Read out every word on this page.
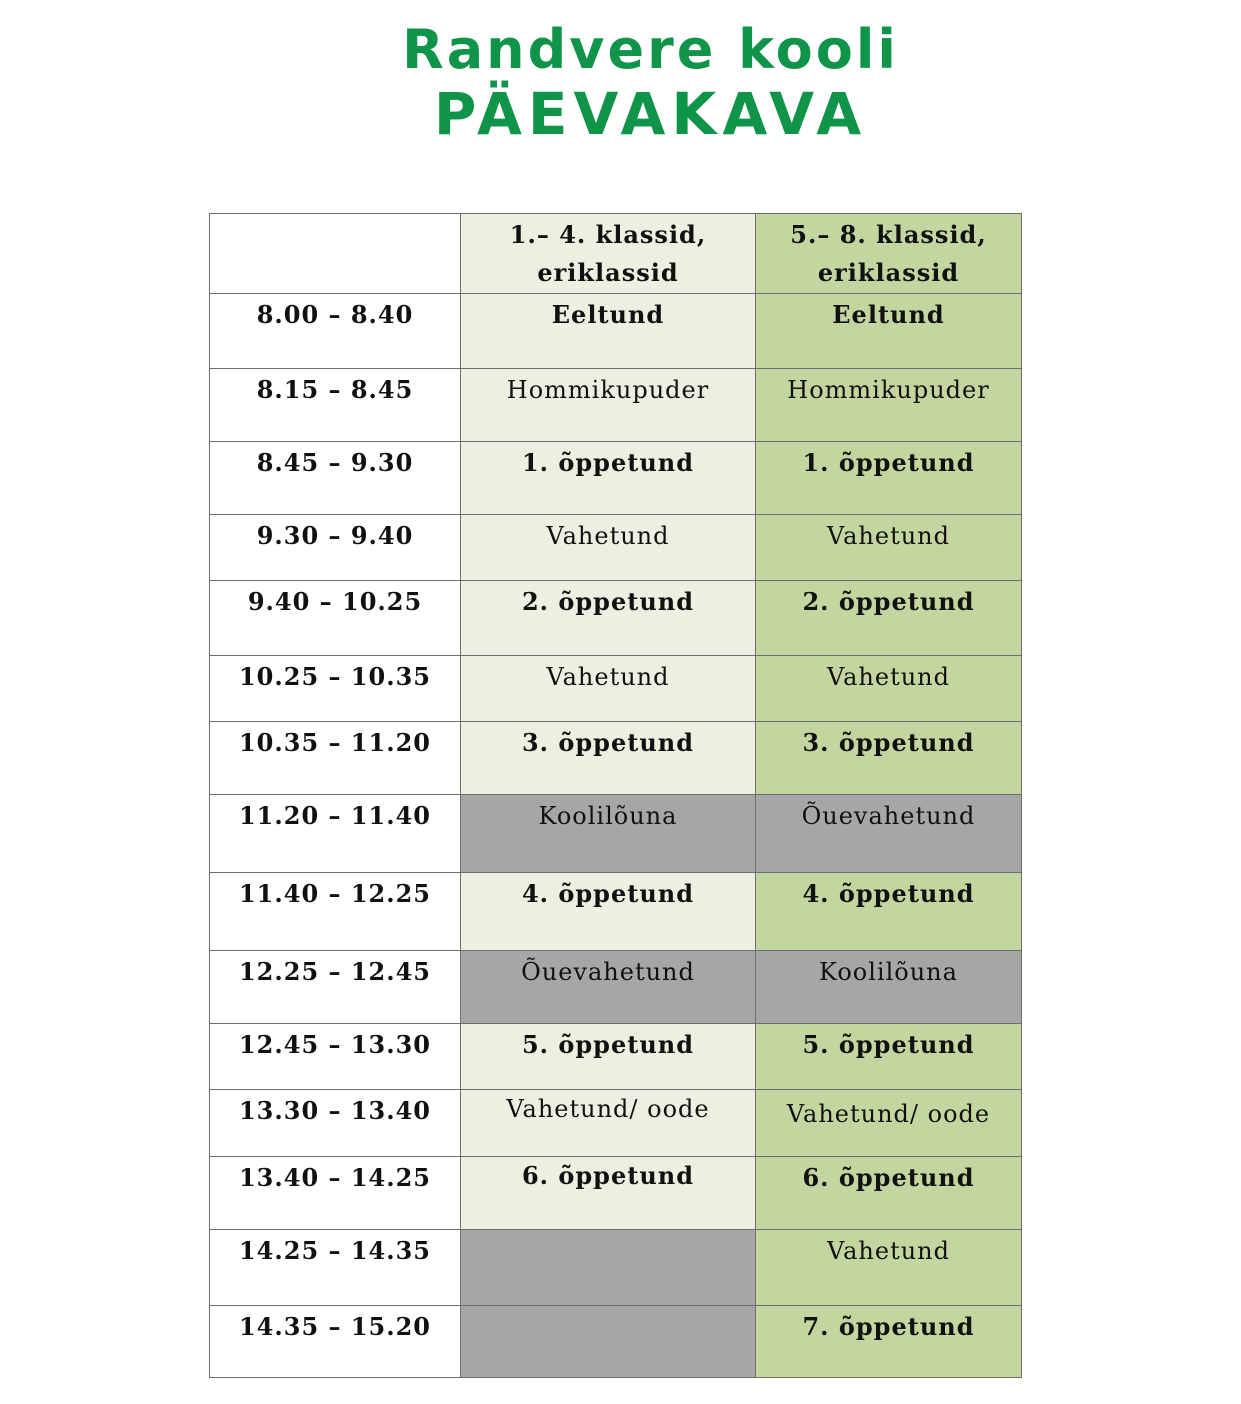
Randvere kooli
PÄEVAKAVA
	1.– 4. klassid, eriklassid	5.– 8. klassid, eriklassid
8.00 – 8.40	Eeltund	Eeltund
8.15 – 8.45	Hommikupuder	Hommikupuder
8.45 – 9.30	1. õppetund	1. õppetund
9.30 – 9.40	Vahetund	Vahetund
9.40 – 10.25	2. õppetund	2. õppetund
10.25 – 10.35	Vahetund	Vahetund
10.35 – 11.20	3. õppetund	3. õppetund
11.20 – 11.40	Koolilõuna	Õuevahetund
11.40 – 12.25	4. õppetund	4. õppetund
12.25 – 12.45	Õuevahetund	Koolilõuna
12.45 – 13.30	5. õppetund	5. õppetund
13.30 – 13.40	Vahetund/ oode	Vahetund/ oode
13.40 – 14.25	6. õppetund	6. õppetund
14.25 – 14.35		Vahetund
14.35 – 15.20		7. õppetund
